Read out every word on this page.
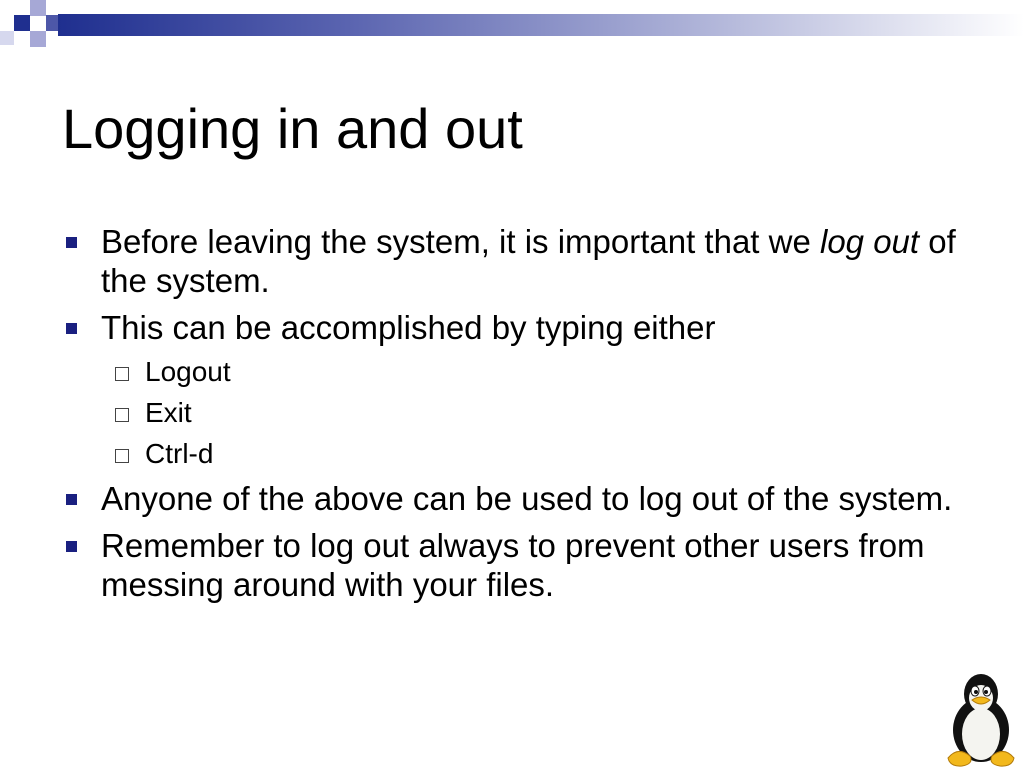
Logging in and out
Before leaving the system, it is important that we log out of the system.
This can be accomplished by typing either
Logout
Exit
Ctrl-d
Anyone of the above can be used to log out of the system.
Remember to log out always to prevent other users from messing around with your files.
